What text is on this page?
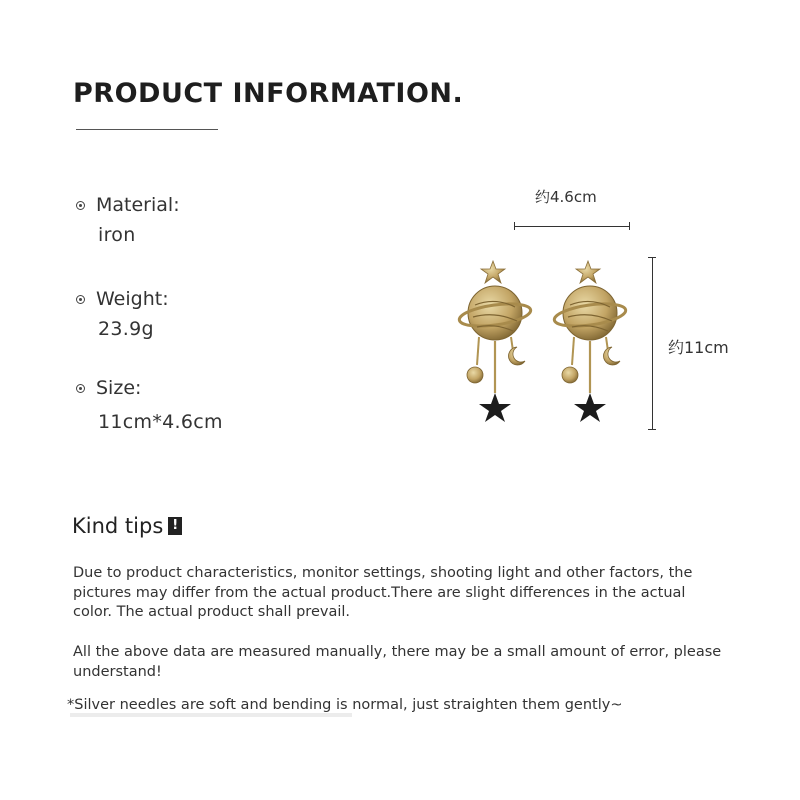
PRODUCT INFORMATION.
Material:
iron
Weight:
23.9g
Size:
11cm*4.6cm
约4.6cm
约11cm
Kind tips !
Due to product characteristics, monitor settings, shooting light and other factors, the pictures may differ from the actual product.There are slight differences in the actual color. The actual product shall prevail.
All the above data are measured manually, there may be a small amount of error, please understand!
*Silver needles are soft and bending is normal, just straighten them gently~
